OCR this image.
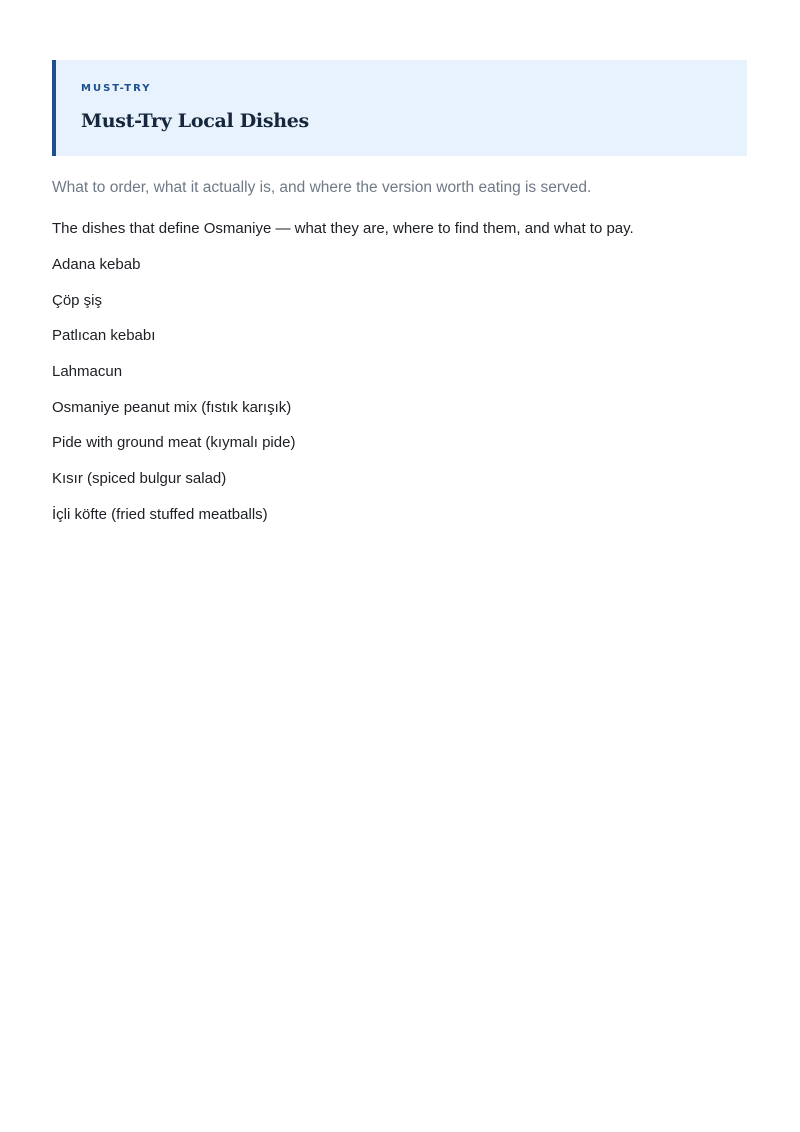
MUST-TRY

Must-Try Local Dishes

What to order, what it actually is, and where the version worth eating is served.

The dishes that define Osmaniye — what they are, where to find them, and what to pay.

Adana kebab
Çöp şiş
Patlıcan kebabı
Lahmacun
Osmaniye peanut mix (fıstık karışık)
Pide with ground meat (kıymalı pide)
Kısır (spiced bulgur salad)
İçli köfte (fried stuffed meatballs)
